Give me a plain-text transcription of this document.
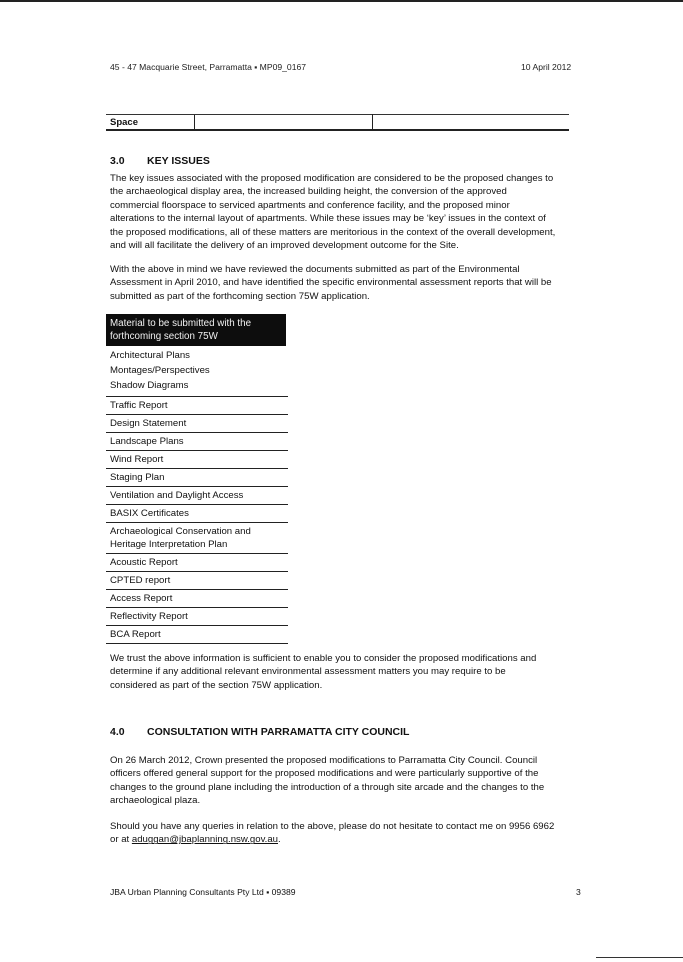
45 - 47 Macquarie Street, Parramatta ▪ MP09_0167	10 April 2012
Space		
3.0 KEY ISSUES

The key issues associated with the proposed modification are considered to be the proposed changes to
the archaeological display area, the increased building height, the conversion of the approved
commercial floorspace to serviced apartments and conference facility, and the proposed minor
alterations to the internal layout of apartments. While these issues may be ‘key’ issues in the context of
the proposed modifications, all of these matters are meritorious in the context of the overall development,
and will all facilitate the delivery of an improved development outcome for the Site.

With the above in mind we have reviewed the documents submitted as part of the Environmental
Assessment in April 2010, and have identified the specific environmental assessment reports that will be
submitted as part of the forthcoming section 75W application.

Material to be submitted with the
forthcoming section 75W
Architectural Plans
Montages/Perspectives
Shadow Diagrams
Traffic Report
Design Statement
Landscape Plans
Wind Report
Staging Plan
Ventilation and Daylight Access
BASIX Certificates
Archaeological Conservation and
Heritage Interpretation Plan
Acoustic Report
CPTED report
Access Report
Reflectivity Report
BCA Report

We trust the above information is sufficient to enable you to consider the proposed modifications and
determine if any additional relevant environmental assessment matters you may require to be
considered as part of the section 75W application.

4.0 CONSULTATION WITH PARRAMATTA CITY COUNCIL

On 26 March 2012, Crown presented the proposed modifications to Parramatta City Council. Council
officers offered general support for the proposed modifications and were particularly supportive of the
changes to the ground plane including the introduction of a through site arcade and the changes to the
archaeological plaza.

Should you have any queries in relation to the above, please do not hesitate to contact me on 9956 6962
or at aduggan@jbaplanning.nsw.gov.au.

JBA Urban Planning Consultants Pty Ltd ▪ 09389	3
